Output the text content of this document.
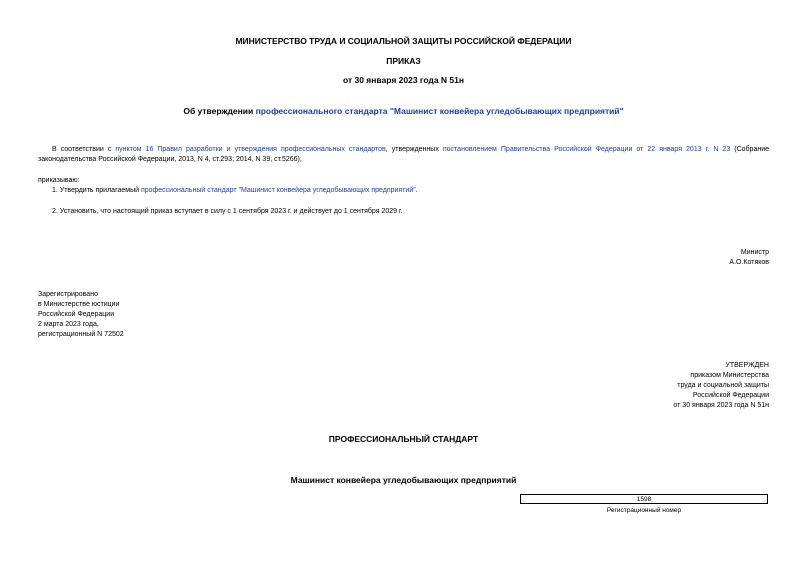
МИНИСТЕРСТВО ТРУДА И СОЦИАЛЬНОЙ ЗАЩИТЫ РОССИЙСКОЙ ФЕДЕРАЦИИ
ПРИКАЗ
от 30 января 2023 года N 51н
Об утверждении профессионального стандарта "Машинист конвейера угледобывающих предприятий"
В соответствии с пунктом 16 Правил разработки и утверждения профессиональных стандартов, утвержденных постановлением Правительства Российской Федерации от 22 января 2013 г. N 23 (Собрание законодательства Российской Федерации, 2013, N 4, ст.293; 2014, N 39, ст.5266),
приказываю:
1. Утвердить прилагаемый профессиональный стандарт "Машинист конвейера угледобывающих предприятий".
2. Установить, что настоящий приказ вступает в силу с 1 сентября 2023 г. и действует до 1 сентября 2029 г.
Министр
А.О.Котяков
Зарегистрировано
в Министерстве юстиции
Российской Федерации
2 марта 2023 года,
регистрационный N 72502
УТВЕРЖДЕН
приказом Министерства
труда и социальной защиты
Российской Федерации
от 30 января 2023 года N 51н
ПРОФЕССИОНАЛЬНЫЙ СТАНДАРТ
Машинист конвейера угледобывающих предприятий
1598
Регистрационный номер
